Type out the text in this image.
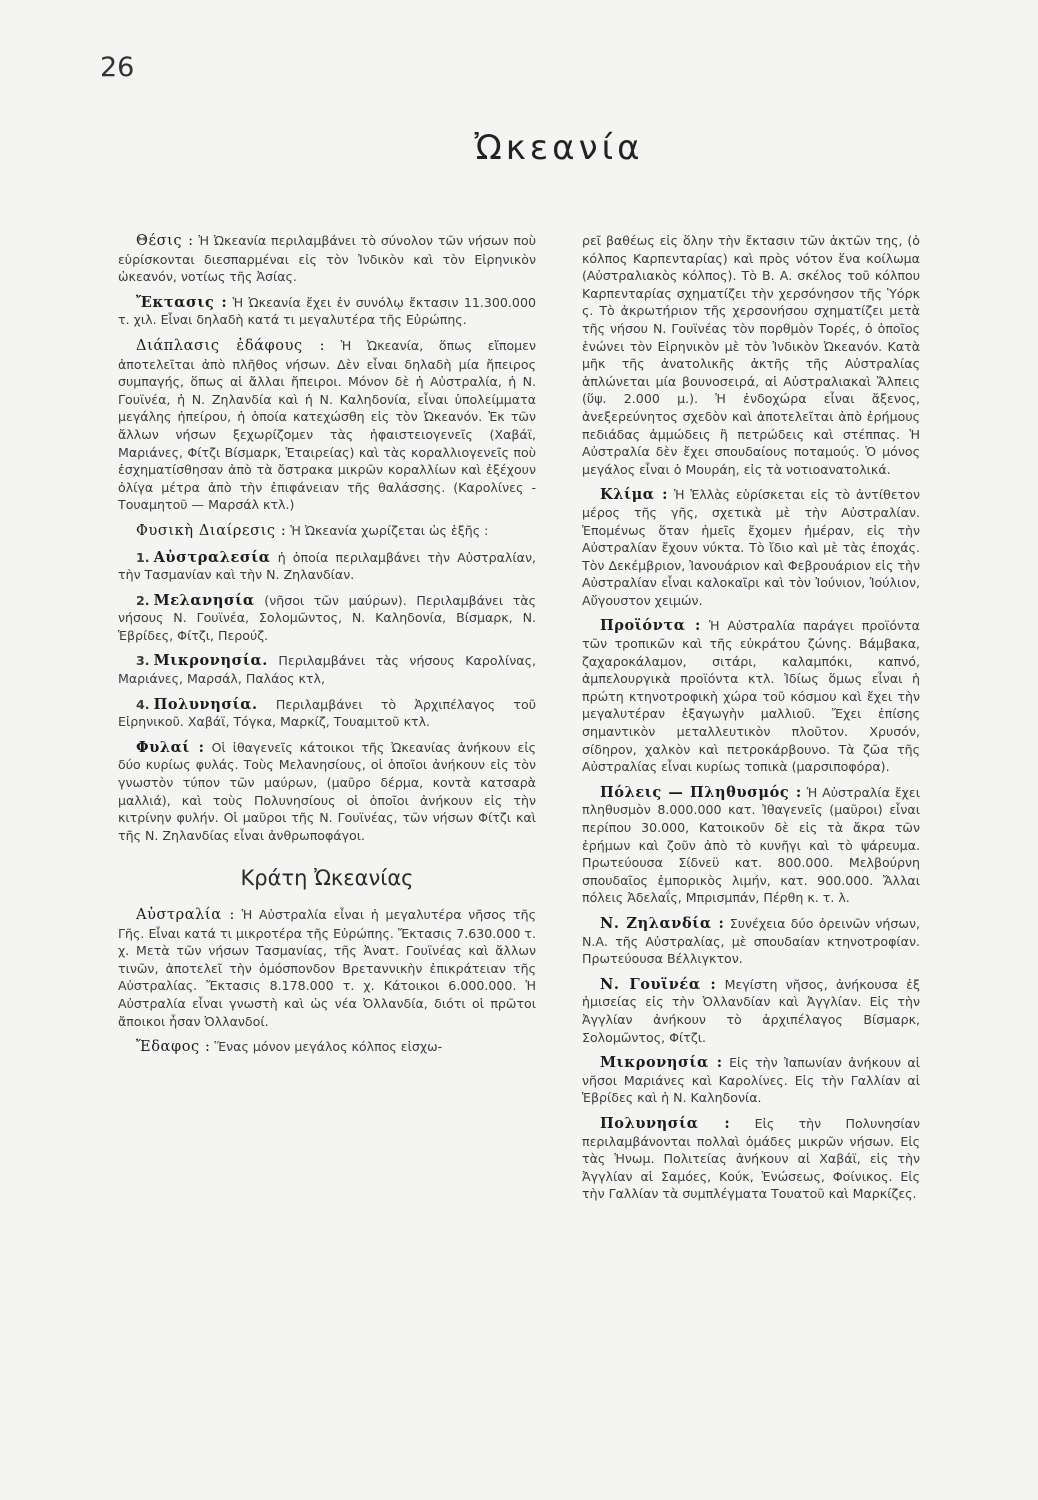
26
Ὠκεανία

Θέσις : Ἡ Ὠκεανία περιλαμβάνει τὸ σύνολον τῶν νήσων ποὺ εὑρίσκονται διεσπαρμέναι εἰς τὸν Ἰνδικὸν καὶ τὸν Εἰρηνικὸν ὠκεανόν, νοτίως τῆς Ἀσίας.

Ἔκτασις : Ἡ Ὠκεανία ἔχει ἐν συνόλῳ ἔκτασιν 11.300.000 τ. χιλ. Εἶναι δηλαδὴ κατά τι μεγαλυτέρα τῆς Εὐρώπης.

Διάπλασις ἐδάφους : Ἡ Ὠκεανία, ὅπως εἴπομεν ἀποτελεῖται ἀπὸ πλῆθος νήσων. Δὲν εἶναι δηλαδὴ μία ἤπειρος συμπαγής, ὅπως αἱ ἄλλαι ἤπειροι. Μόνον δὲ ἡ Αὐστραλία, ἡ Ν. Γουϊνέα, ἡ Ν. Ζηλανδία καὶ ἡ Ν. Καληδονία, εἶναι ὑπολείμματα μεγάλης ἠπείρου, ἡ ὁποία κατεχώσθη εἰς τὸν Ὠκεανόν. Ἐκ τῶν ἄλλων νήσων ξεχωρίζομεν τὰς ἡφαιστειογενεῖς (Χαβάϊ, Μαριάνες, Φίτζι Βίσμαρκ, Ἑταιρείας) καὶ τὰς κοραλλιογενεῖς ποὺ ἐσχηματίσθησαν ἀπὸ τὰ ὄστρακα μικρῶν κοραλλίων καὶ ἐξέχουν ὀλίγα μέτρα ἀπὸ τὴν ἐπιφάνειαν τῆς θαλάσσης. (Καρολίνες - Τουαμητοῦ — Μαρσάλ κτλ.)

Φυσικὴ Διαίρεσις : Ἡ Ὠκεανία χωρίζεται ὡς ἑξῆς :

1. Αὐστραλεσία ἡ ὁποία περιλαμβάνει τὴν Αὐστραλίαν, τὴν Τασμανίαν καὶ τὴν Ν. Ζηλανδίαν.

2. Μελανησία (νῆσοι τῶν μαύρων). Περιλαμβάνει τὰς νήσους Ν. Γουϊνέα, Σολομῶντος, Ν. Καληδονία, Βίσμαρκ, Ν. Ἑβρίδες, Φίτζι, Περούζ.

3. Μικρονησία. Περιλαμβάνει τὰς νήσους Καρολίνας, Μαριάνες, Μαρσάλ, Παλάος κτλ,

4. Πολυνησία. Περιλαμβάνει τὸ Ἀρχιπέλαγος τοῦ Εἰρηνικοῦ. Χαβάϊ, Τόγκα, Μαρκίζ, Τουαμιτοῦ κτλ.

Φυλαί : Οἱ ἰθαγενεῖς κάτοικοι τῆς Ὠκεανίας ἀνήκουν εἰς δύο κυρίως φυλάς. Τοὺς Μελανησίους, οἱ ὁποῖοι ἀνήκουν εἰς τὸν γνωστὸν τύπον τῶν μαύρων, (μαῦρο δέρμα, κοντὰ κατσαρὰ μαλλιά), καὶ τοὺς Πολυνησίους οἱ ὁποῖοι ἀνήκουν εἰς τὴν κιτρίνην φυλήν. Οἱ μαῦροι τῆς Ν. Γουϊνέας, τῶν νήσων Φίτζι καὶ τῆς Ν. Ζηλανδίας εἶναι ἀνθρωποφάγοι.

Κράτη Ὠκεανίας

Αὐστραλία : Ἡ Αὐστραλία εἶναι ἡ μεγαλυτέρα νῆσος τῆς Γῆς. Εἶναι κατά τι μικροτέρα τῆς Εὐρώπης. Ἔκτασις 7.630.000 τ. χ. Μετὰ τῶν νήσων Τασμανίας, τῆς Ἀνατ. Γουϊνέας καὶ ἄλλων τινῶν, ἀποτελεῖ τὴν ὁμόσπονδον Βρεταννικὴν ἐπικράτειαν τῆς Αὐστραλίας. Ἔκτασις 8.178.000 τ. χ. Κάτοικοι 6.000.000. Ἡ Αὐστραλία εἶναι γνωστὴ καὶ ὡς νέα Ὀλλανδία, διότι οἱ πρῶτοι ἄποικοι ἦσαν Ὀλλανδοί.

Ἔδαφος : Ἕνας μόνον μεγάλος κόλπος εἰσχω-

ρεῖ βαθέως εἰς ὅλην τὴν ἔκτασιν τῶν ἀκτῶν της, (ὁ κόλπος Καρπενταρίας) καὶ πρὸς νότον ἕνα κοίλωμα (Αὐστραλιακὸς κόλπος). Τὸ Β. Α. σκέλος τοῦ κόλπου Καρπενταρίας σχηματίζει τὴν χερσόνησον τῆς Ὑόρκ ς. Τὸ ἀκρωτήριον τῆς χερσονήσου σχηματίζει μετὰ τῆς νήσου Ν. Γουϊνέας τὸν πορθμὸν Τορές, ὁ ὁποῖος ἑνώνει τὸν Εἰρηνικὸν μὲ τὸν Ἰνδικὸν Ὠκεανόν. Κατὰ μῆκ τῆς ἀνατολικῆς ἀκτῆς τῆς Αὐστραλίας ἁπλώνεται μία βουνοσειρά, αἱ Αὐστραλιακαὶ Ἄλπεις (ὕψ. 2.000 μ.). Ἡ ἐνδοχώρα εἶναι ἄξενος, ἀνεξερεύνητος σχεδὸν καὶ ἀποτελεῖται ἀπὸ ἐρήμους πεδιάδας ἀμμώδεις ἢ πετρώδεις καὶ στέππας. Ἡ Αὐστραλία δὲν ἔχει σπουδαίους ποταμούς. Ὁ μόνος μεγάλος εἶναι ὁ Μουράη, εἰς τὰ νοτιοανατολικά.

Κλίμα : Ἡ Ἑλλὰς εὑρίσκεται εἰς τὸ ἀντίθετον μέρος τῆς γῆς, σχετικὰ μὲ τὴν Αὐστραλίαν. Ἑπομένως ὅταν ἡμεῖς ἔχομεν ἡμέραν, εἰς τὴν Αὐστραλίαν ἔχουν νύκτα. Τὸ ἴδιο καὶ μὲ τὰς ἐποχάς. Τὸν Δεκέμβριον, Ἰανουάριον καὶ Φεβρουάριον εἰς τὴν Αὐστραλίαν εἶναι καλοκαῖρι καὶ τὸν Ἰούνιον, Ἰούλιον, Αὔγουστον χειμών.

Προϊόντα : Ἡ Αὐστραλία παράγει προϊόντα τῶν τροπικῶν καὶ τῆς εὐκράτου ζώνης. Βάμβακα, ζαχαροκάλαμον, σιτάρι, καλαμπόκι, καπνό, ἀμπελουργικὰ προϊόντα κτλ. Ἰδίως ὅμως εἶναι ἡ πρώτη κτηνοτροφικὴ χώρα τοῦ κόσμου καὶ ἔχει τὴν μεγαλυτέραν ἐξαγωγὴν μαλλιοῦ. Ἔχει ἐπίσης σημαντικὸν μεταλλευτικὸν πλοῦτον. Χρυσόν, σίδηρον, χαλκὸν καὶ πετροκάρβουνο. Τὰ ζῶα τῆς Αὐστραλίας εἶναι κυρίως τοπικὰ (μαρσιποφόρα).

Πόλεις — Πληθυσμός : Ἡ Αὐστραλία ἔχει πληθυσμὸν 8.000.000 κατ. Ἰθαγενεῖς (μαῦροι) εἶναι περίπου 30.000, Κατοικοῦν δὲ εἰς τὰ ἄκρα τῶν ἐρήμων καὶ ζοῦν ἀπὸ τὸ κυνῆγι καὶ τὸ ψάρευμα. Πρωτεύουσα Σίδνεϋ κατ. 800.000. Μελβούρνη σπουδαῖος ἐμπορικὸς λιμήν, κατ. 900.000. Ἄλλαι πόλεις Ἀδελαΐς, Μπρισμπάν, Πέρθη κ. τ. λ.

Ν. Ζηλανδία : Συνέχεια δύο ὀρεινῶν νήσων, Ν.Α. τῆς Αὐστραλίας, μὲ σπουδαίαν κτηνοτροφίαν. Πρωτεύουσα Βέλλιγκτον.

Ν. Γουϊνέα : Μεγίστη νῆσος, ἀνήκουσα ἐξ ἡμισείας εἰς τὴν Ὀλλανδίαν καὶ Ἀγγλίαν. Εἰς τὴν Ἀγγλίαν ἀνήκουν τὸ ἀρχιπέλαγος Βίσμαρκ, Σολομῶντος, Φίτζι.

Μικρονησία : Εἰς τὴν Ἰαπωνίαν ἀνήκουν αἱ νῆσοι Μαριάνες καὶ Καρολίνες. Εἰς τὴν Γαλλίαν αἱ Ἑβρίδες καὶ ἡ Ν. Καληδονία.

Πολυνησία : Εἰς τὴν Πολυνησίαν περιλαμβάνονται πολλαὶ ὁμάδες μικρῶν νήσων. Εἰς τὰς Ἡνωμ. Πολιτείας ἀνήκουν αἱ Χαβάϊ, εἰς τὴν Ἀγγλίαν αἱ Σαμόες, Κούκ, Ἑνώσεως, Φοίνικος. Εἰς τὴν Γαλλίαν τὰ συμπλέγματα Τουατοῦ καὶ Μαρκίζες.
